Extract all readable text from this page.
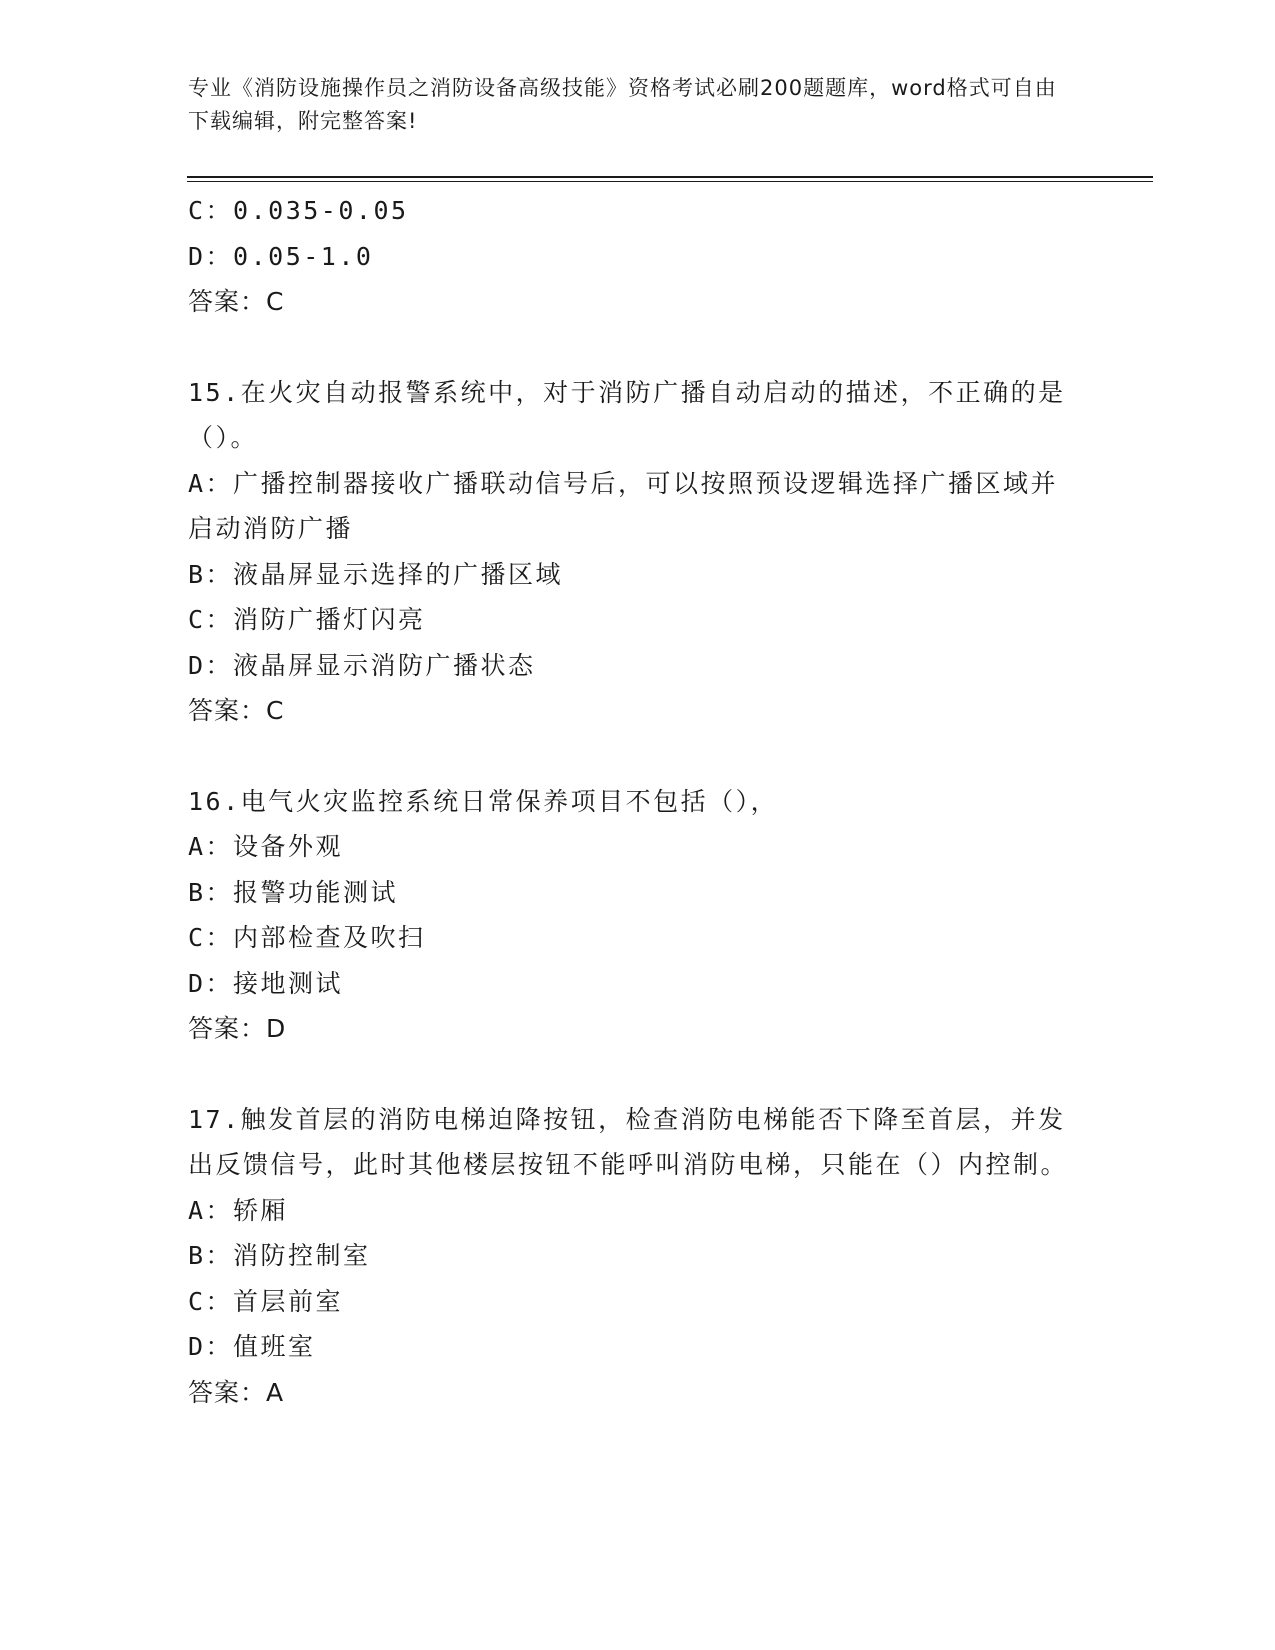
专业《消防设施操作员之消防设备高级技能》资格考试必刷200题题库，word格式可自由下载编辑，附完整答案!

C：0.035-0.05

D：0.05-1.0

答案：C

15.在火灾自动报警系统中，对于消防广播自动启动的描述，不正确的是（）。

A：广播控制器接收广播联动信号后，可以按照预设逻辑选择广播区域并启动消防广播

B：液晶屏显示选择的广播区域

C：消防广播灯闪亮

D：液晶屏显示消防广播状态

答案：C

16.电气火灾监控系统日常保养项目不包括（），

A：设备外观

B：报警功能测试

C：内部检查及吹扫

D：接地测试

答案：D

17.触发首层的消防电梯迫降按钮，检查消防电梯能否下降至首层，并发出反馈信号，此时其他楼层按钮不能呼叫消防电梯，只能在（）内控制。

A：轿厢

B：消防控制室

C：首层前室

D：值班室

答案：A
